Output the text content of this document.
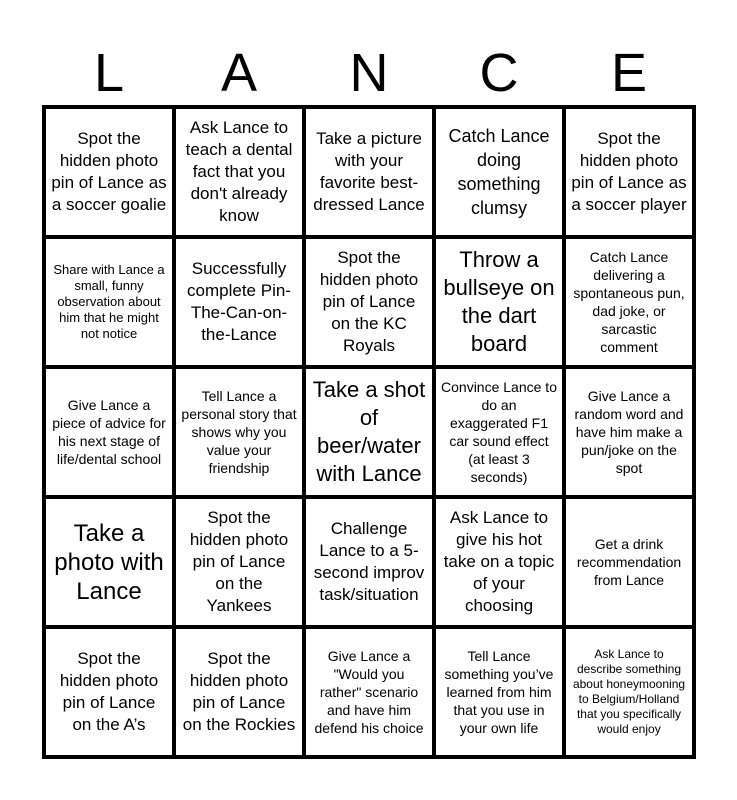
L	A	N	C	E
Spot the hidden photo pin of Lance as a soccer goalie
Ask Lance to teach a dental fact that you don't already know
Take a picture with your favorite best-dressed Lance
Catch Lance doing something clumsy
Spot the hidden photo pin of Lance as a soccer player
Share with Lance a small, funny observation about him that he might not notice
Successfully complete Pin-The-Can-on-the-Lance
Spot the hidden photo pin of Lance on the KC Royals
Throw a bullseye on the dart board
Catch Lance delivering a spontaneous pun, dad joke, or sarcastic comment
Give Lance a piece of advice for his next stage of life/dental school
Tell Lance a personal story that shows why you value your friendship
Take a shot of beer/water with Lance
Convince Lance to do an exaggerated F1 car sound effect (at least 3 seconds)
Give Lance a random word and have him make a pun/joke on the spot
Take a photo with Lance
Spot the hidden photo pin of Lance on the Yankees
Challenge Lance to a 5-second improv task/situation
Ask Lance to give his hot take on a topic of your choosing
Get a drink recommendation from Lance
Spot the hidden photo pin of Lance on the A’s
Spot the hidden photo pin of Lance on the Rockies
Give Lance a "Would you rather" scenario and have him defend his choice
Tell Lance something you’ve learned from him that you use in your own life
Ask Lance to describe something about honeymooning to Belgium/Holland that you specifically would enjoy
